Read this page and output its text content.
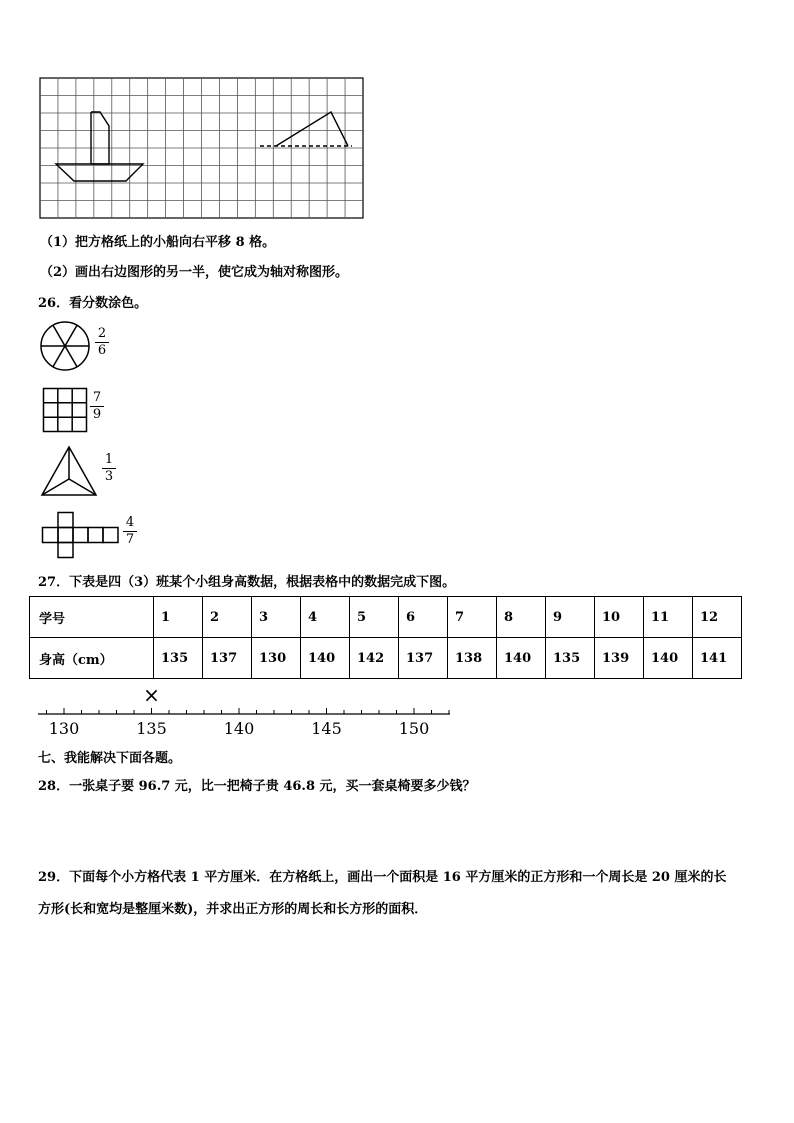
（1）把方格纸上的小船向右平移 8 格。
（2）画出右边图形的另一半，使它成为轴对称图形。
26．看分数涂色。
2
6
7
9
1
3
4
7
27．下表是四（3）班某个小组身高数据，根据表格中的数据完成下图。
学号	1	2	3	4	5	6	7	8	9	10	11	12
身高（cm）	135	137	130	140	142	137	138	140	135	139	140	141
130	135	140	145	150
×
七、我能解决下面各题。
28．一张桌子要 96.7 元，比一把椅子贵 46.8 元，买一套桌椅要多少钱？
29．下面每个小方格代表 1 平方厘米．在方格纸上，画出一个面积是 16 平方厘米的正方形和一个周长是 20 厘米的长
方形(长和宽均是整厘米数)，并求出正方形的周长和长方形的面积．
